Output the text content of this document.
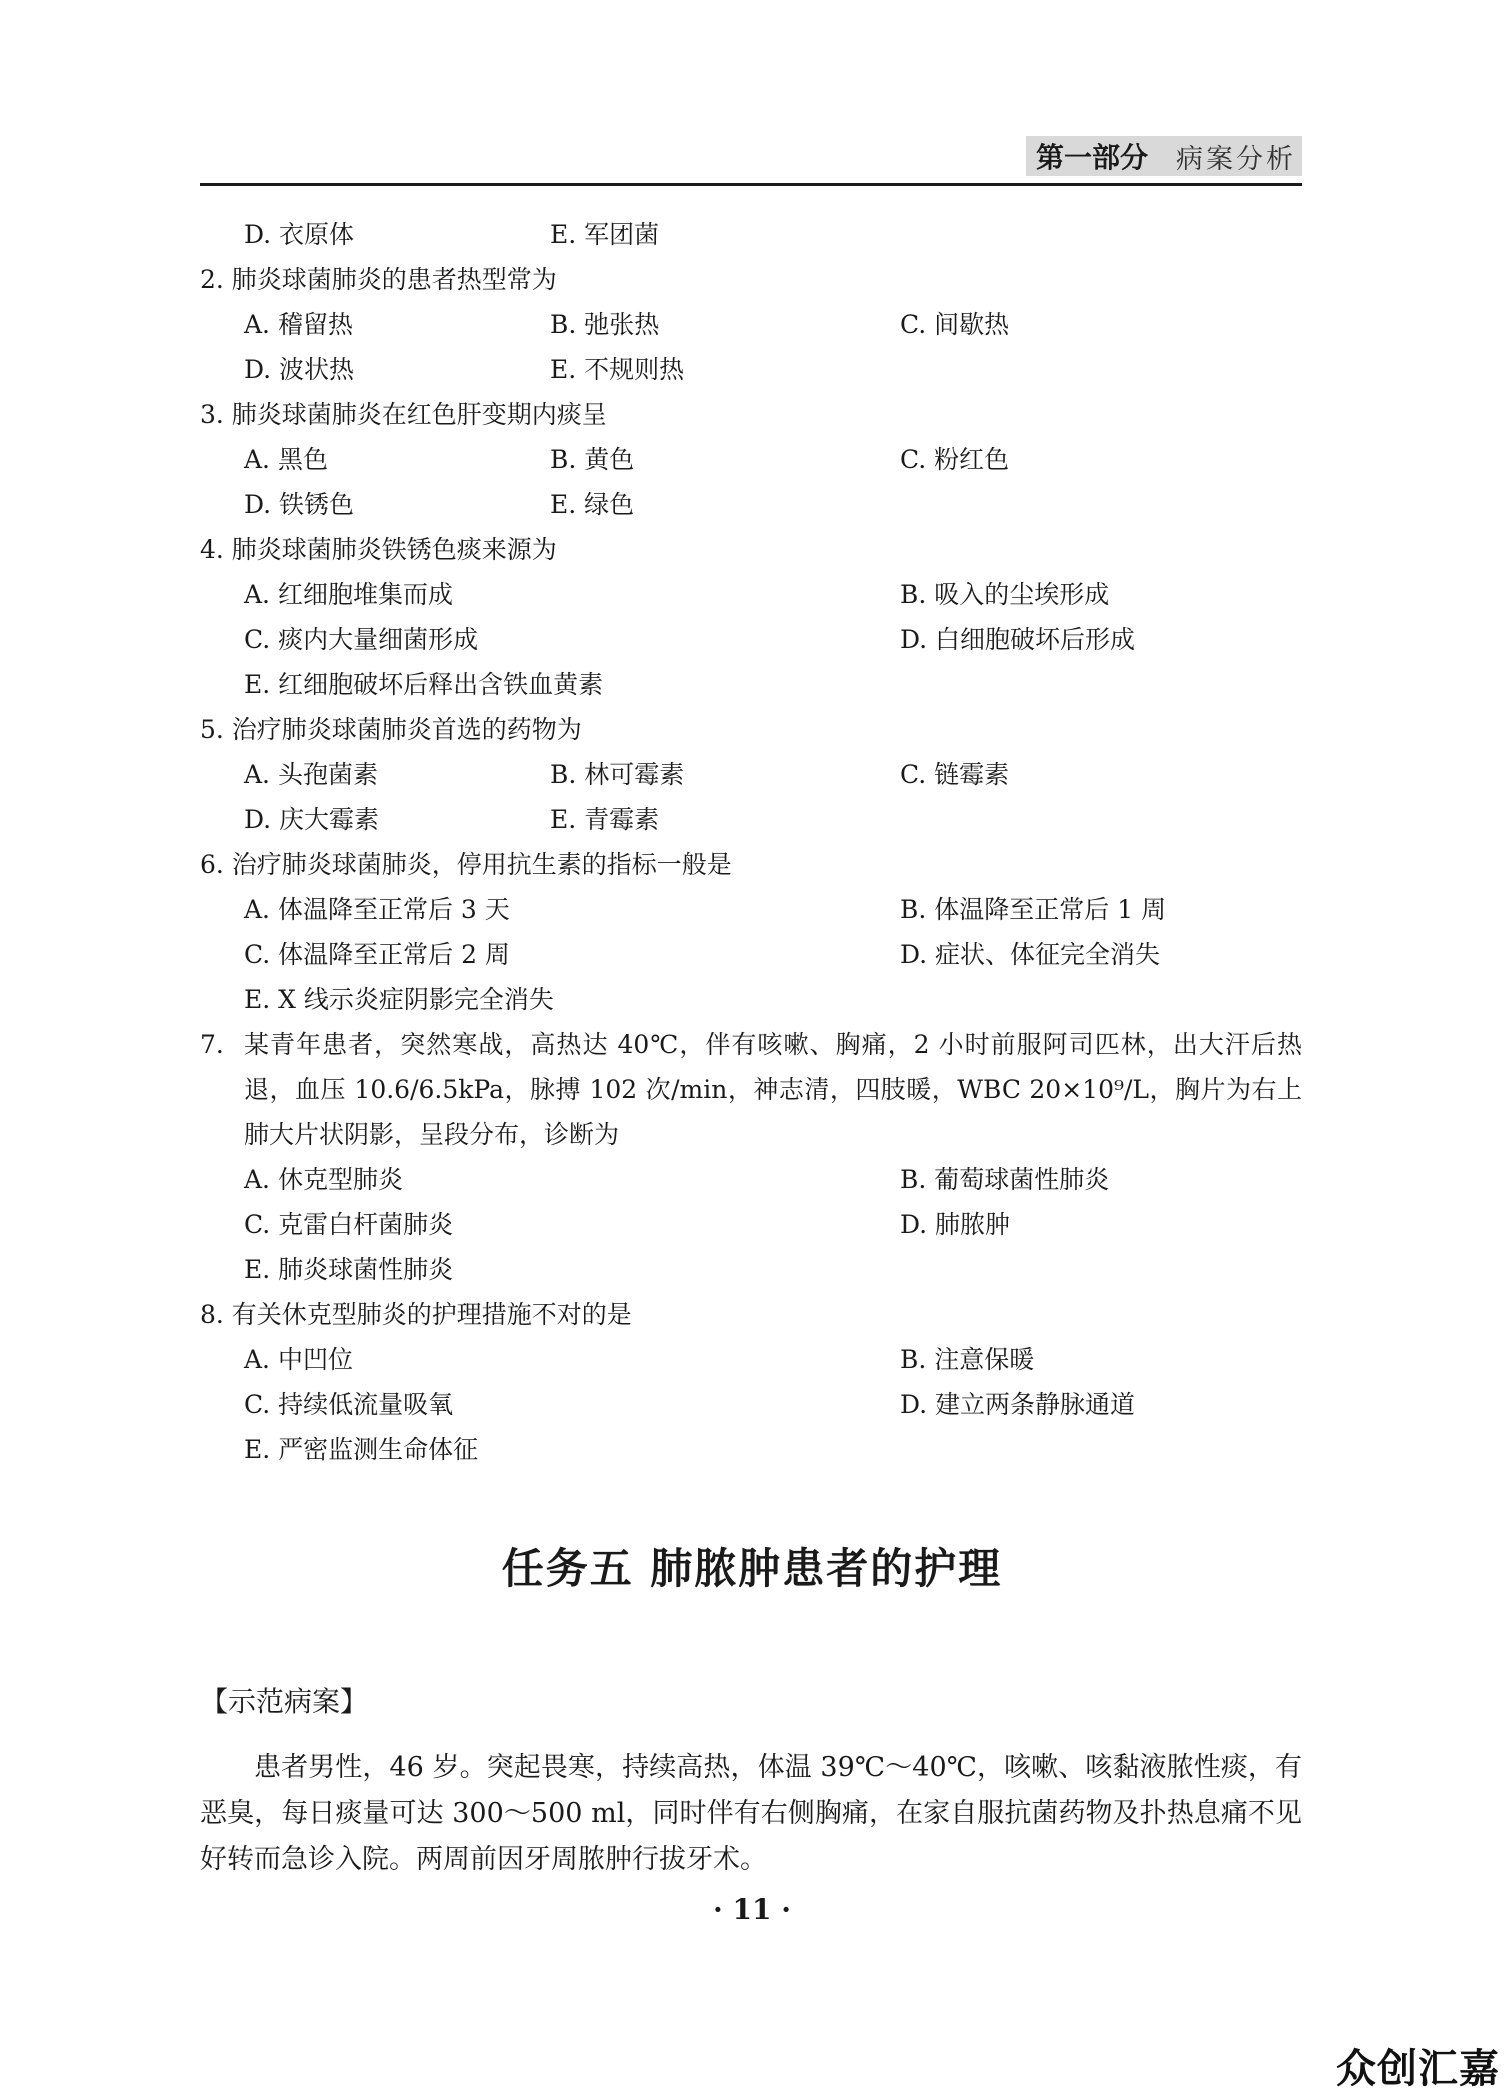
第一部分 病案分析
D. 衣原体	E. 军团菌
2. 肺炎球菌肺炎的患者热型常为
A. 稽留热	B. 弛张热	C. 间歇热
D. 波状热	E. 不规则热
3. 肺炎球菌肺炎在红色肝变期内痰呈
A. 黑色	B. 黄色	C. 粉红色
D. 铁锈色	E. 绿色
4. 肺炎球菌肺炎铁锈色痰来源为
A. 红细胞堆集而成	B. 吸入的尘埃形成
C. 痰内大量细菌形成	D. 白细胞破坏后形成
E. 红细胞破坏后释出含铁血黄素
5. 治疗肺炎球菌肺炎首选的药物为
A. 头孢菌素	B. 林可霉素	C. 链霉素
D. 庆大霉素	E. 青霉素
6. 治疗肺炎球菌肺炎，停用抗生素的指标一般是
A. 体温降至正常后 3 天	B. 体温降至正常后 1 周
C. 体温降至正常后 2 周	D. 症状、体征完全消失
E. X 线示炎症阴影完全消失
7. 某青年患者，突然寒战，高热达 40℃，伴有咳嗽、胸痛，2 小时前服阿司匹林，出大汗后热退，血压 10.6/6.5kPa，脉搏 102 次/min，神志清，四肢暖，WBC 20×10⁹/L，胸片为右上肺大片状阴影，呈段分布，诊断为
A. 休克型肺炎	B. 葡萄球菌性肺炎
C. 克雷白杆菌肺炎	D. 肺脓肿
E. 肺炎球菌性肺炎
8. 有关休克型肺炎的护理措施不对的是
A. 中凹位	B. 注意保暖
C. 持续低流量吸氧	D. 建立两条静脉通道
E. 严密监测生命体征
任务五 肺脓肿患者的护理
【示范病案】

患者男性，46 岁。突起畏寒，持续高热，体温 39℃～40℃，咳嗽、咳黏液脓性痰，有恶臭，每日痰量可达 300～500 ml，同时伴有右侧胸痛，在家自服抗菌药物及扑热息痛不见好转而急诊入院。两周前因牙周脓肿行拔牙术。

· 11 ·
众创汇嘉
